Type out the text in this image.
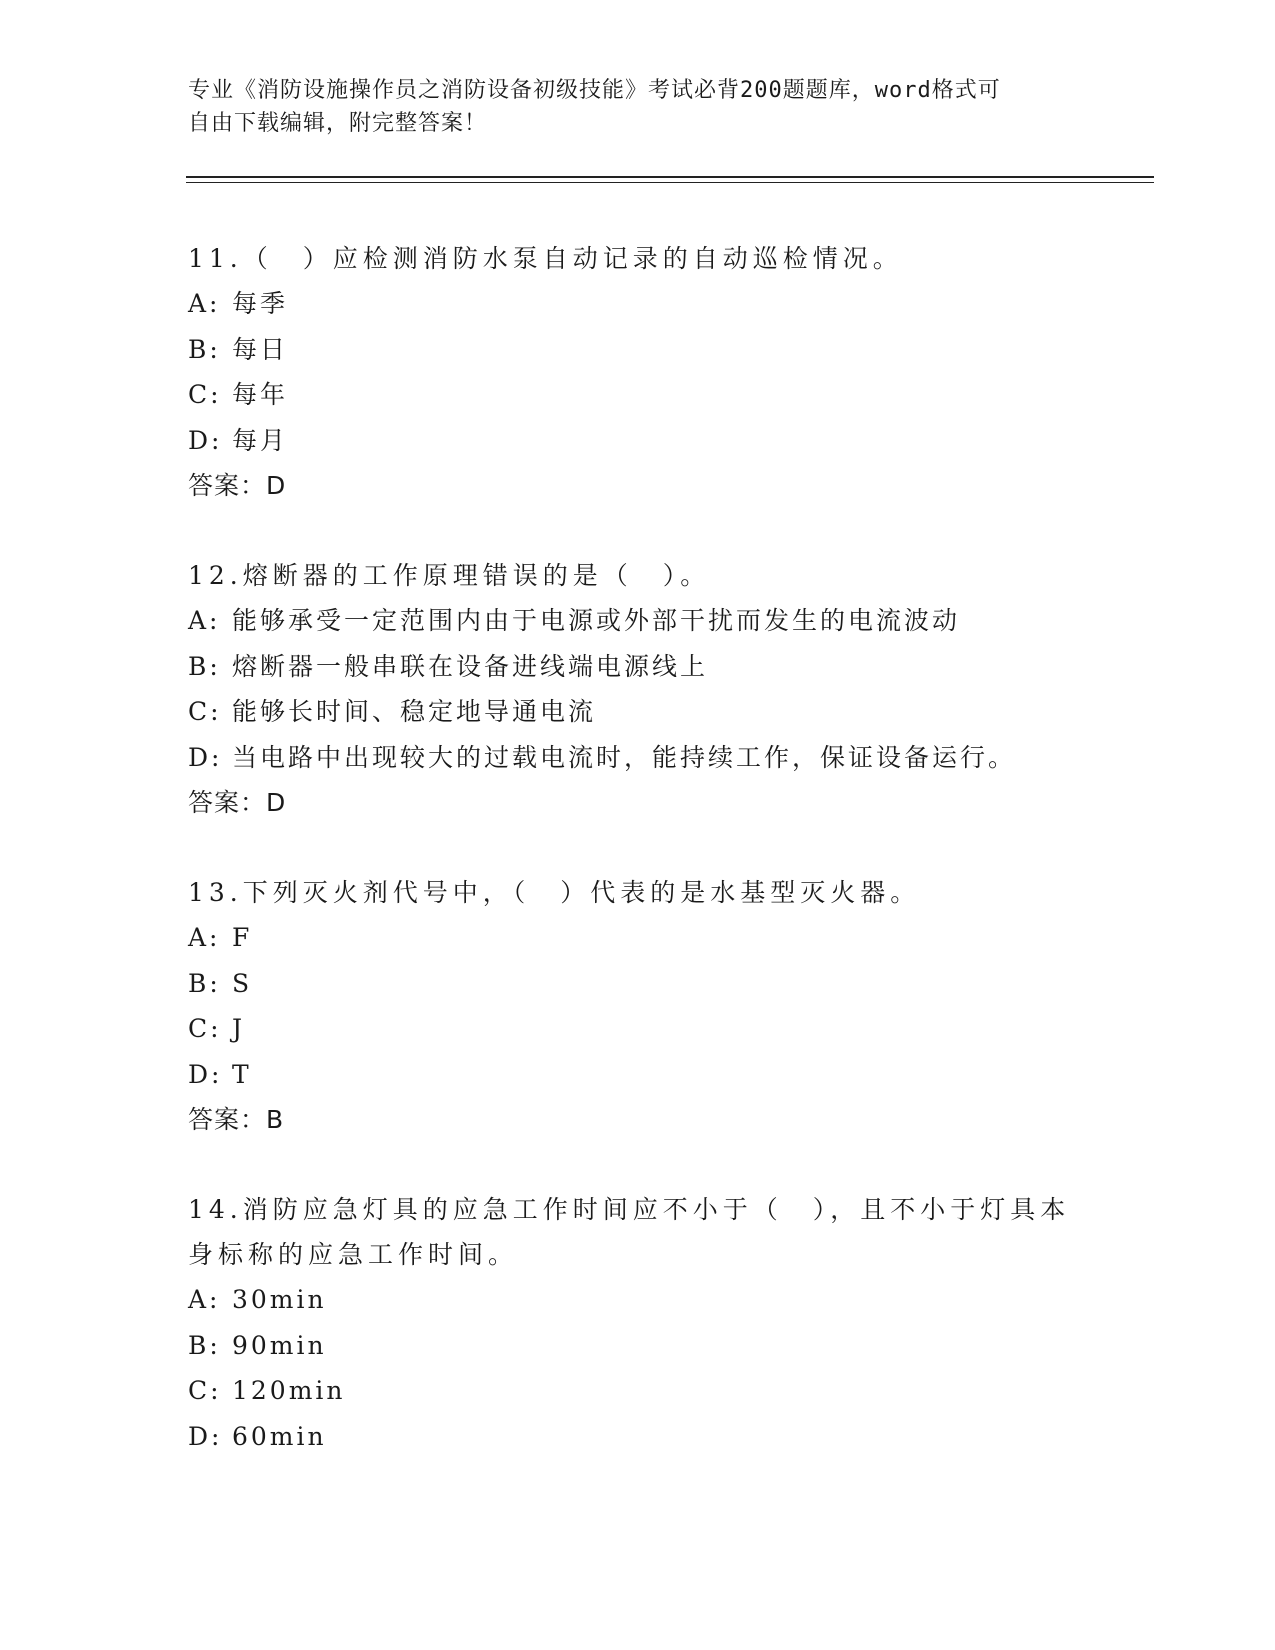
专业《消防设施操作员之消防设备初级技能》考试必背200题题库，word格式可
自由下载编辑，附完整答案！

11.（　）应检测消防水泵自动记录的自动巡检情况。

A: 每季

B: 每日

C: 每年

D: 每月

答案：D

12.熔断器的工作原理错误的是（　）。

A: 能够承受一定范围内由于电源或外部干扰而发生的电流波动

B: 熔断器一般串联在设备进线端电源线上

C: 能够长时间、稳定地导通电流

D: 当电路中出现较大的过载电流时，能持续工作，保证设备运行。

答案：D

13.下列灭火剂代号中，（　）代表的是水基型灭火器。

A: F

B: S

C: J

D: T

答案：B

14.消防应急灯具的应急工作时间应不小于（　），且不小于灯具本身标称的应急工作时间。

A: 30min

B: 90min

C: 120min

D: 60min
